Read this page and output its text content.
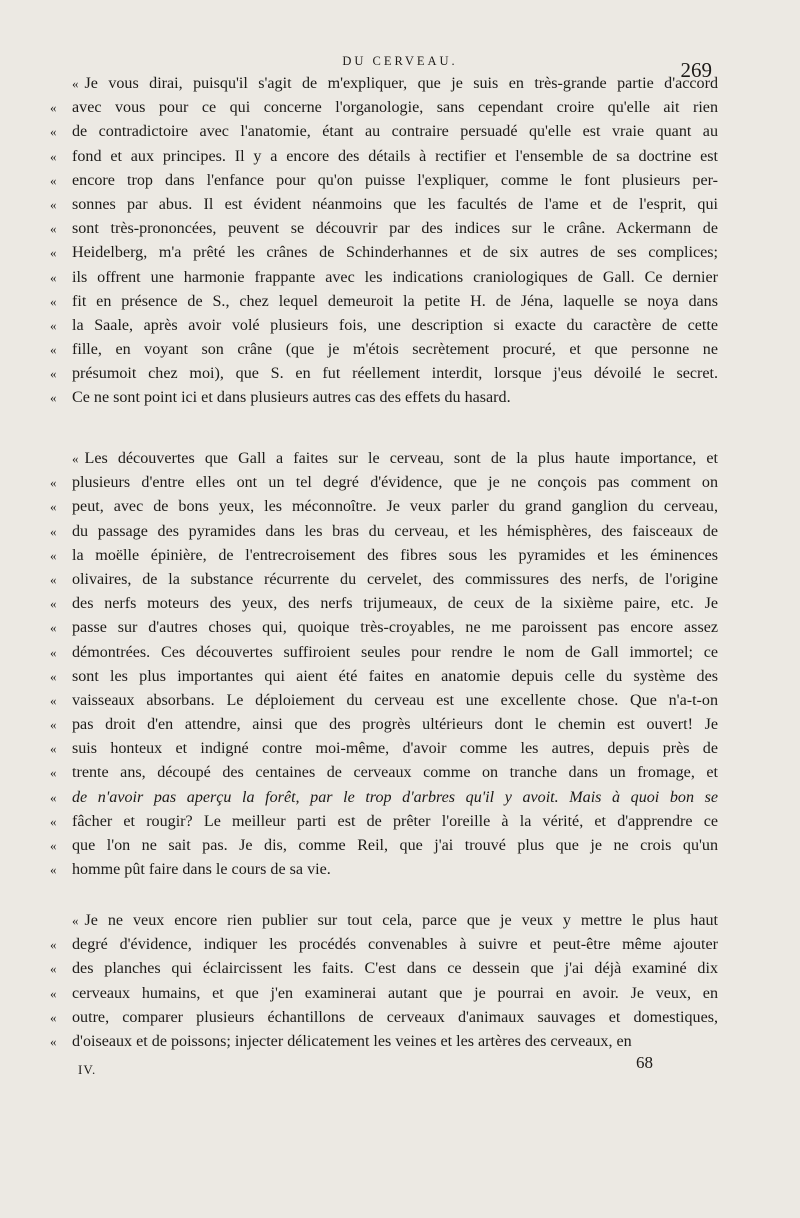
DU CERVEAU.	269
« Je vous dirai, puisqu'il s'agit de m'expliquer, que je suis en très-grande partie d'accord
« avec vous pour ce qui concerne l'organologie, sans cependant croire qu'elle ait rien
« de contradictoire avec l'anatomie, étant au contraire persuadé qu'elle est vraie quant au
« fond et aux principes. Il y a encore des détails à rectifier et l'ensemble de sa doctrine est
« encore trop dans l'enfance pour qu'on puisse l'expliquer, comme le font plusieurs per-
« sonnes par abus. Il est évident néanmoins que les facultés de l'ame et de l'esprit, qui
« sont très-prononcées, peuvent se découvrir par des indices sur le crâne. Ackermann de
« Heidelberg, m'a prêté les crânes de Schinderhannes et de six autres de ses complices;
« ils offrent une harmonie frappante avec les indications craniologiques de Gall. Ce dernier
« fit en présence de S., chez lequel demeuroit la petite H. de Jéna, laquelle se noya dans
« la Saale, après avoir volé plusieurs fois, une description si exacte du caractère de cette
« fille, en voyant son crâne (que je m'étois secrètement procuré, et que personne ne
« présumoit chez moi), que S. en fut réellement interdit, lorsque j'eus dévoilé le secret.
« Ce ne sont point ici et dans plusieurs autres cas des effets du hasard.
« Les découvertes que Gall a faites sur le cerveau, sont de la plus haute importance, et
« plusieurs d'entre elles ont un tel degré d'évidence, que je ne conçois pas comment on
« peut, avec de bons yeux, les méconnoître. Je veux parler du grand ganglion du cerveau,
« du passage des pyramides dans les bras du cerveau, et les hémisphères, des faisceaux de
« la moëlle épinière, de l'entrecroisement des fibres sous les pyramides et les éminences
« olivaires, de la substance récurrente du cervelet, des commissures des nerfs, de l'origine
« des nerfs moteurs des yeux, des nerfs trijumeaux, de ceux de la sixième paire, etc. Je
« passe sur d'autres choses qui, quoique très-croyables, ne me paroissent pas encore assez
« démontrées. Ces découvertes suffiroient seules pour rendre le nom de Gall immortel; ce
« sont les plus importantes qui aient été faites en anatomie depuis celle du système des
« vaisseaux absorbans. Le déploiement du cerveau est une excellente chose. Que n'a-t-on
« pas droit d'en attendre, ainsi que des progrès ultérieurs dont le chemin est ouvert! Je
« suis honteux et indigné contre moi-même, d'avoir comme les autres, depuis près de
« trente ans, découpé des centaines de cerveaux comme on tranche dans un fromage, et
« de n'avoir pas aperçu la forêt, par le trop d'arbres qu'il y avoit. Mais à quoi bon se
« fâcher et rougir? Le meilleur parti est de prêter l'oreille à la vérité, et d'apprendre ce
« que l'on ne sait pas. Je dis, comme Reil, que j'ai trouvé plus que je ne crois qu'un
« homme pût faire dans le cours de sa vie.
« Je ne veux encore rien publier sur tout cela, parce que je veux y mettre le plus haut
« degré d'évidence, indiquer les procédés convenables à suivre et peut-être même ajouter
« des planches qui éclaircissent les faits. C'est dans ce dessein que j'ai déjà examiné dix
« cerveaux humains, et que j'en examinerai autant que je pourrai en avoir. Je veux, en
« outre, comparer plusieurs échantillons de cerveaux d'animaux sauvages et domestiques,
« d'oiseaux et de poissons; injecter délicatement les veines et les artères des cerveaux, en
IV.	68
